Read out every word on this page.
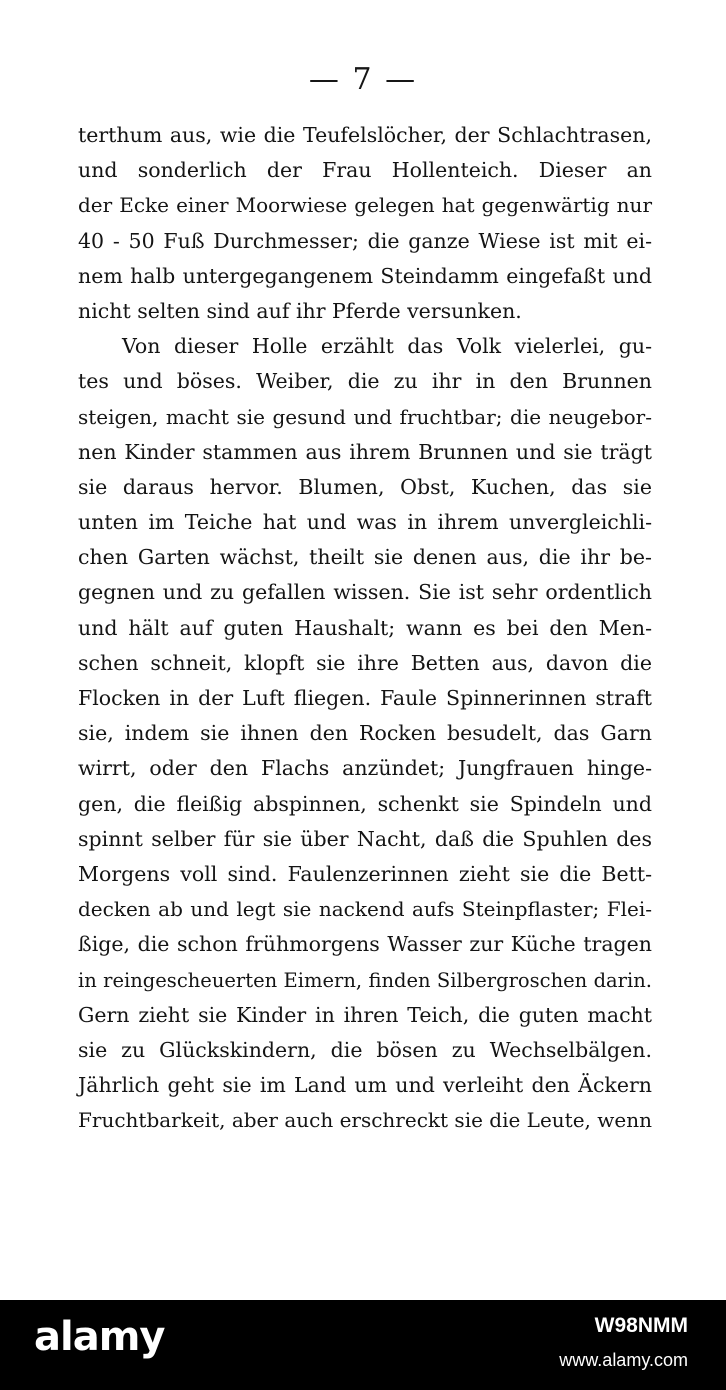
— 7 —
terthum aus, wie die Teufelslöcher, der Schlachtrasen,
und sonderlich der Frau Hollenteich. Dieser an
der Ecke einer Moorwiese gelegen hat gegenwärtig nur
40 - 50 Fuß Durchmesser; die ganze Wiese ist mit ei-
nem halb untergegangenem Steindamm eingefaßt und
nicht selten sind auf ihr Pferde versunken.
Von dieser Holle erzählt das Volk vielerlei, gu-
tes und böses. Weiber, die zu ihr in den Brunnen
steigen, macht sie gesund und fruchtbar; die neugebor-
nen Kinder stammen aus ihrem Brunnen und sie trägt
sie daraus hervor. Blumen, Obst, Kuchen, das sie
unten im Teiche hat und was in ihrem unvergleichli-
chen Garten wächst, theilt sie denen aus, die ihr be-
gegnen und zu gefallen wissen. Sie ist sehr ordentlich
und hält auf guten Haushalt; wann es bei den Men-
schen schneit, klopft sie ihre Betten aus, davon die
Flocken in der Luft fliegen. Faule Spinnerinnen straft
sie, indem sie ihnen den Rocken besudelt, das Garn
wirrt, oder den Flachs anzündet; Jungfrauen hinge-
gen, die fleißig abspinnen, schenkt sie Spindeln und
spinnt selber für sie über Nacht, daß die Spuhlen des
Morgens voll sind. Faulenzerinnen zieht sie die Bett-
decken ab und legt sie nackend aufs Steinpflaster; Flei-
ßige, die schon frühmorgens Wasser zur Küche tragen
in reingescheuerten Eimern, finden Silbergroschen darin.
Gern zieht sie Kinder in ihren Teich, die guten macht
sie zu Glückskindern, die bösen zu Wechselbälgen.
Jährlich geht sie im Land um und verleiht den Äckern
Fruchtbarkeit, aber auch erschreckt sie die Leute, wenn
alamy	W98NMM
www.alamy.com
